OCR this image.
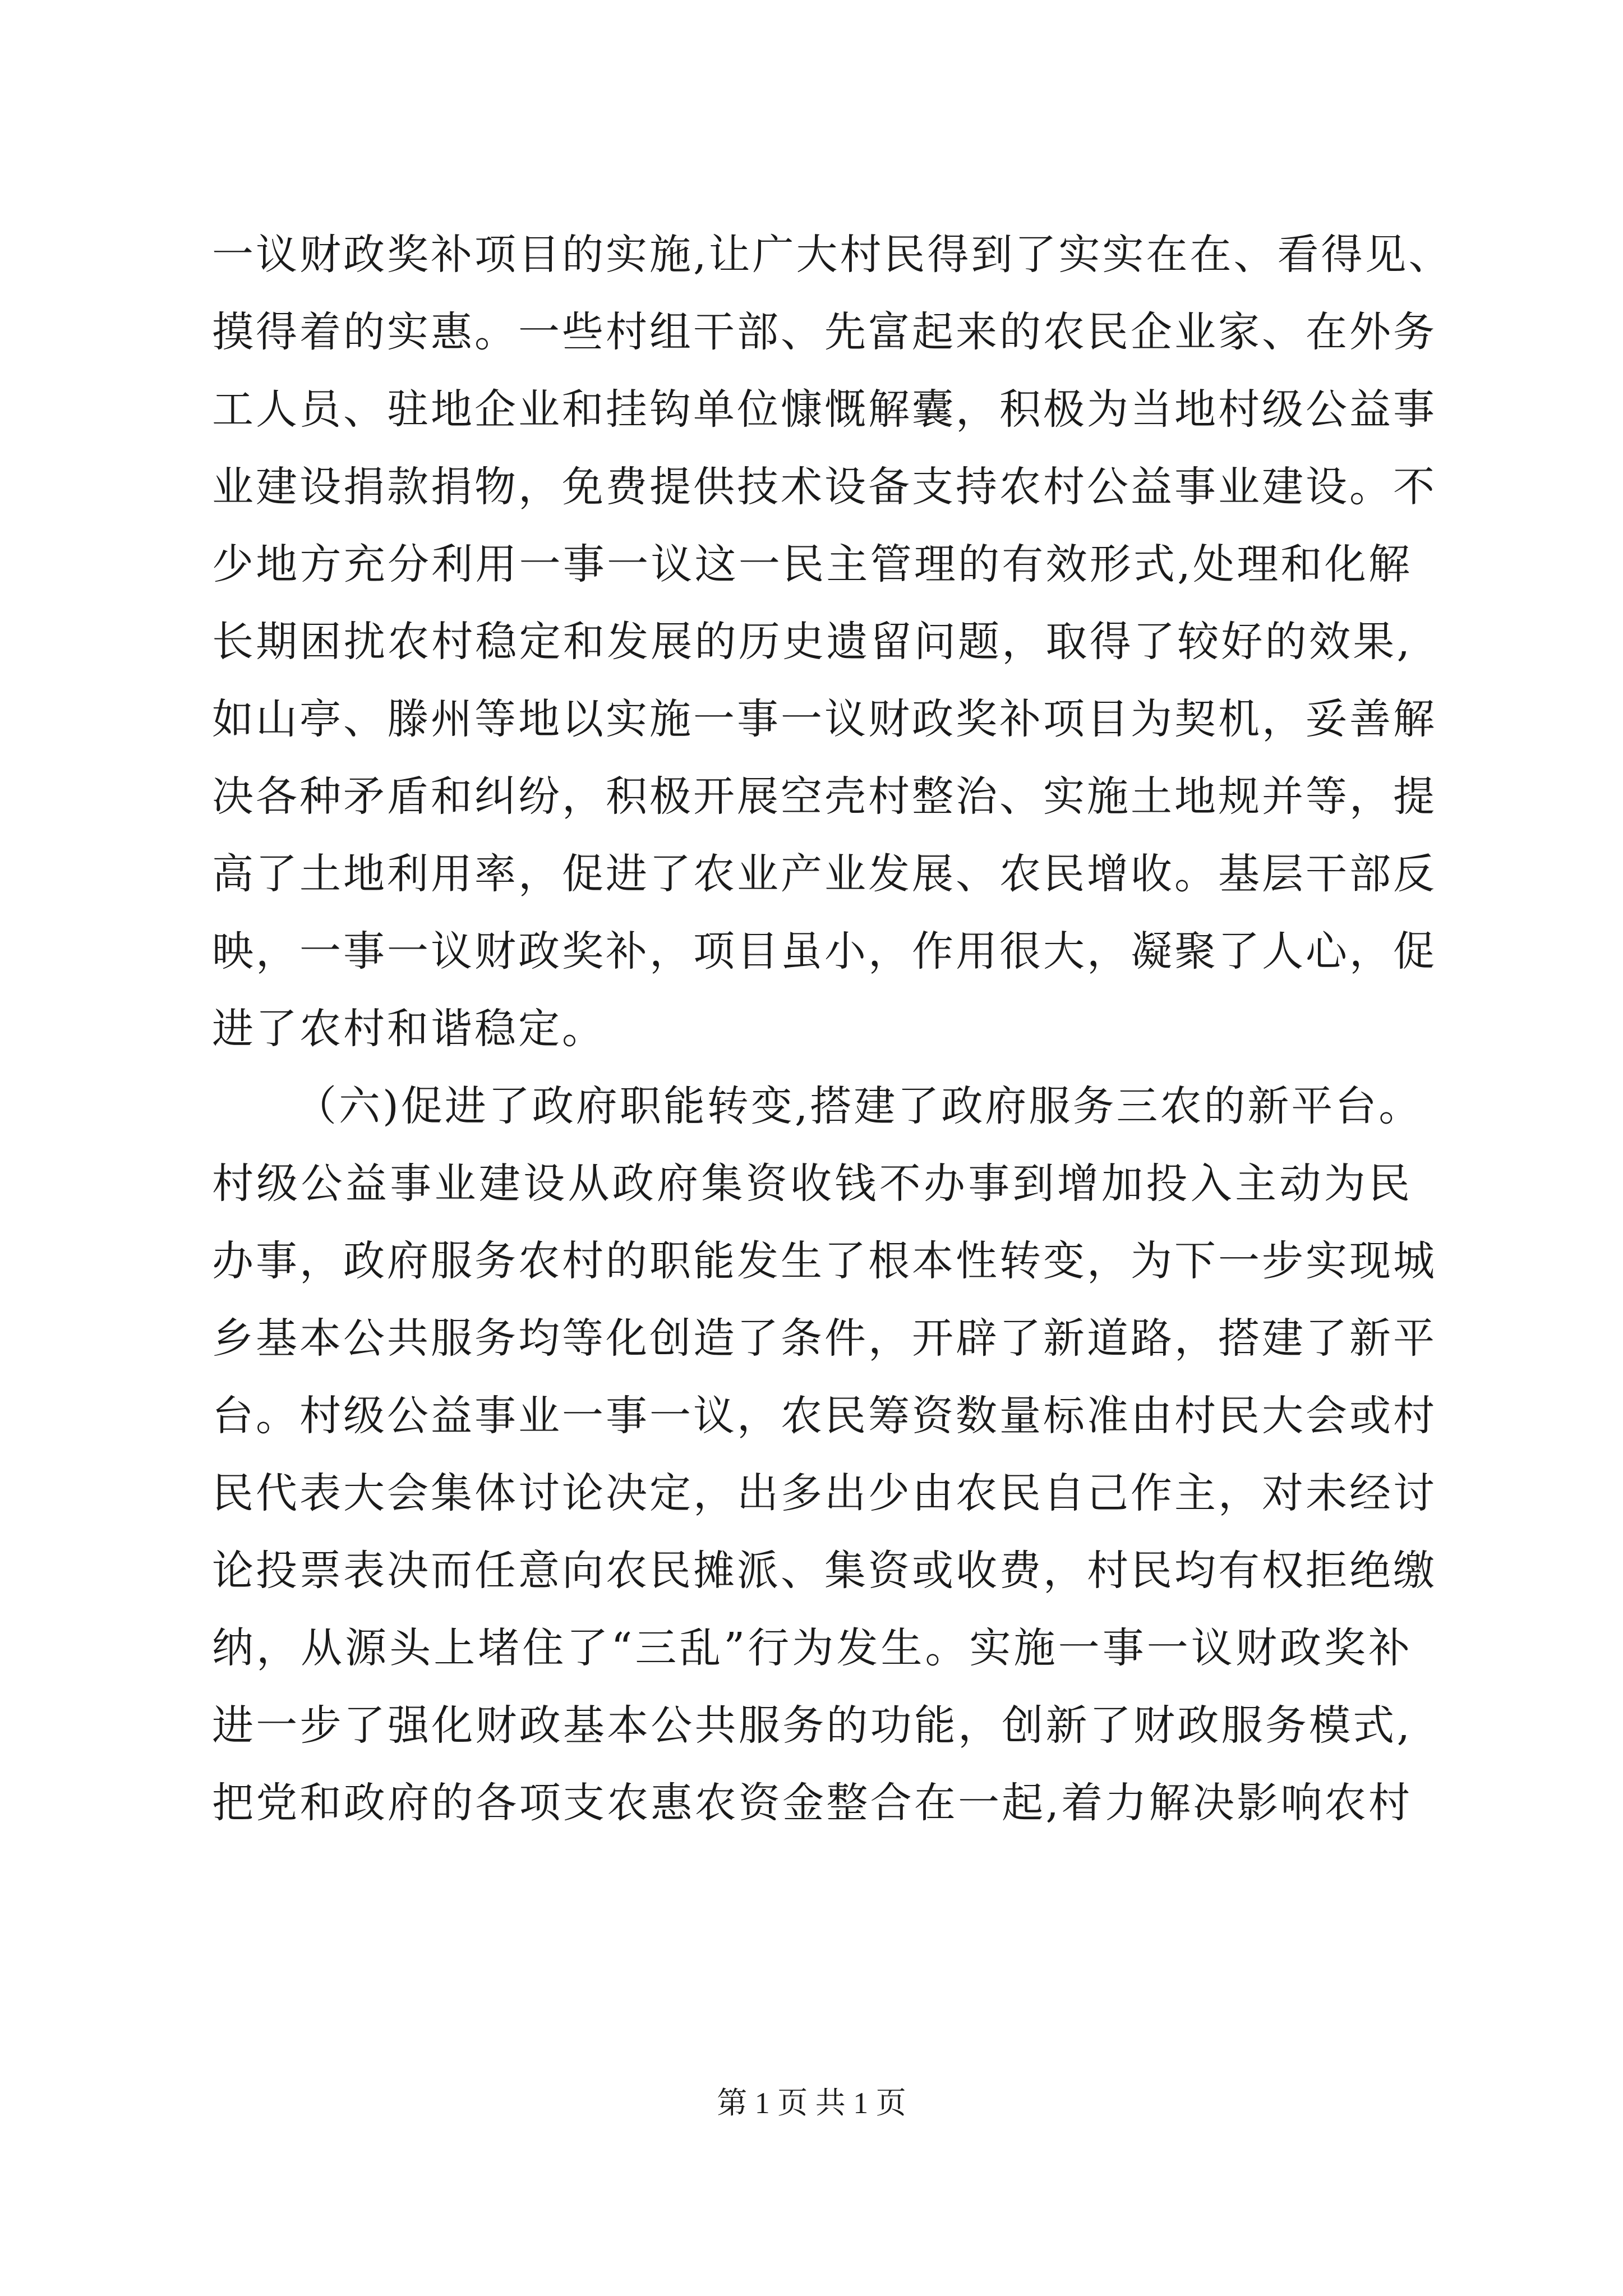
一议财政奖补项目的实施,让广大村民得到了实实在在、看得见、
摸得着的实惠。一些村组干部、先富起来的农民企业家、在外务
工人员、驻地企业和挂钩单位慷慨解囊，积极为当地村级公益事
业建设捐款捐物，免费提供技术设备支持农村公益事业建设。不
少地方充分利用一事一议这一民主管理的有效形式,处理和化解
长期困扰农村稳定和发展的历史遗留问题，取得了较好的效果,
如山亭、滕州等地以实施一事一议财政奖补项目为契机，妥善解
决各种矛盾和纠纷，积极开展空壳村整治、实施土地规并等，提
高了土地利用率，促进了农业产业发展、农民增收。基层干部反
映，一事一议财政奖补，项目虽小，作用很大，凝聚了人心，促
进了农村和谐稳定。
（六)促进了政府职能转变,搭建了政府服务三农的新平台。
村级公益事业建设从政府集资收钱不办事到增加投入主动为民
办事，政府服务农村的职能发生了根本性转变，为下一步实现城
乡基本公共服务均等化创造了条件，开辟了新道路，搭建了新平
台。村级公益事业一事一议，农民筹资数量标准由村民大会或村
民代表大会集体讨论决定，出多出少由农民自己作主，对未经讨
论投票表决而任意向农民摊派、集资或收费，村民均有权拒绝缴
纳，从源头上堵住了“三乱”行为发生。实施一事一议财政奖补
进一步了强化财政基本公共服务的功能，创新了财政服务模式,
把党和政府的各项支农惠农资金整合在一起,着力解决影响农村
第 1 页 共 1 页
